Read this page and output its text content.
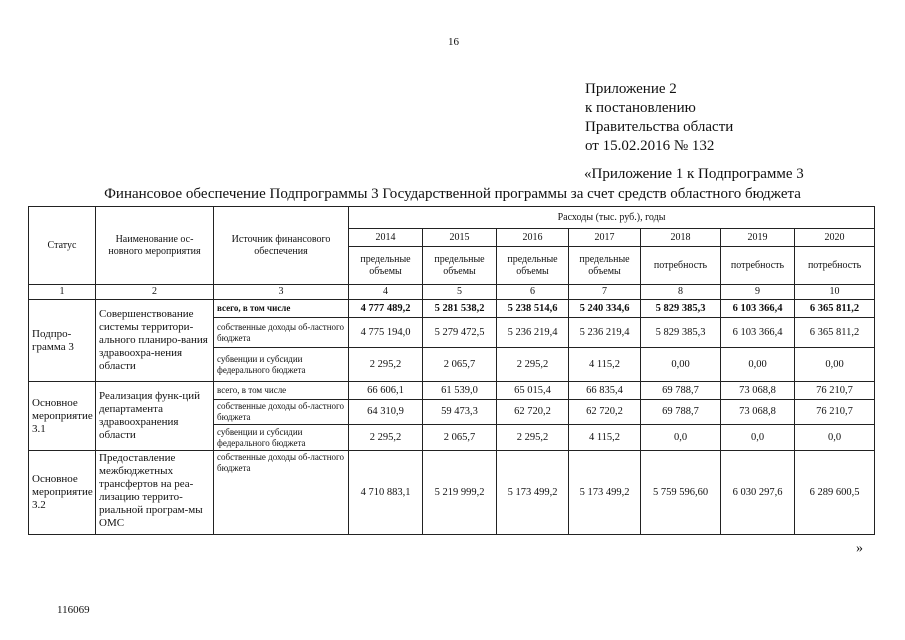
16
Приложение 2
к постановлению
Правительства области
от 15.02.2016 № 132
«Приложение 1 к Подпрограмме 3
Финансовое обеспечение Подпрограммы 3 Государственной программы за счет средств областного бюджета
Статус	Наименование ос-новного мероприятия	Источник финансового обеспечения	Расходы (тыс. руб.), годы						
			2014	2015	2016	2017	2018	2019	2020
			предельные объемы	предельные объемы	предельные объемы	предельные объемы	потребность	потребность	потребность
1	2	3	4	5	6	7	8	9	10
Подпро-грамма 3	Совершенствование системы территори-ального планиро-вания здравоохра-нения области	всего, в том числе	4 777 489,2	5 281 538,2	5 238 514,6	5 240 334,6	5 829 385,3	6 103 366,4	6 365 811,2
		собственные доходы об-ластного бюджета	4 775 194,0	5 279 472,5	5 236 219,4	5 236 219,4	5 829 385,3	6 103 366,4	6 365 811,2
		субвенции и субсидии федерального бюджета	2 295,2	2 065,7	2 295,2	4 115,2	0,00	0,00	0,00
Основное мероприятие 3.1	Реализация функ-ций департамента здравоохранения области	всего, в том числе	66 606,1	61 539,0	65 015,4	66 835,4	69 788,7	73 068,8	76 210,7
		собственные доходы об-ластного бюджета	64 310,9	59 473,3	62 720,2	62 720,2	69 788,7	73 068,8	76 210,7
		субвенции и субсидии федерального бюджета	2 295,2	2 065,7	2 295,2	4 115,2	0,0	0,0	0,0
Основное мероприятие 3.2	Предоставление межбюджетных трансфертов на реа-лизацию террито-риальной програм-мы ОМС	собственные доходы об-ластного бюджета	4 710 883,1	5 219 999,2	5 173 499,2	5 173 499,2	5 759 596,60	6 030 297,6	6 289 600,5
»
116069
